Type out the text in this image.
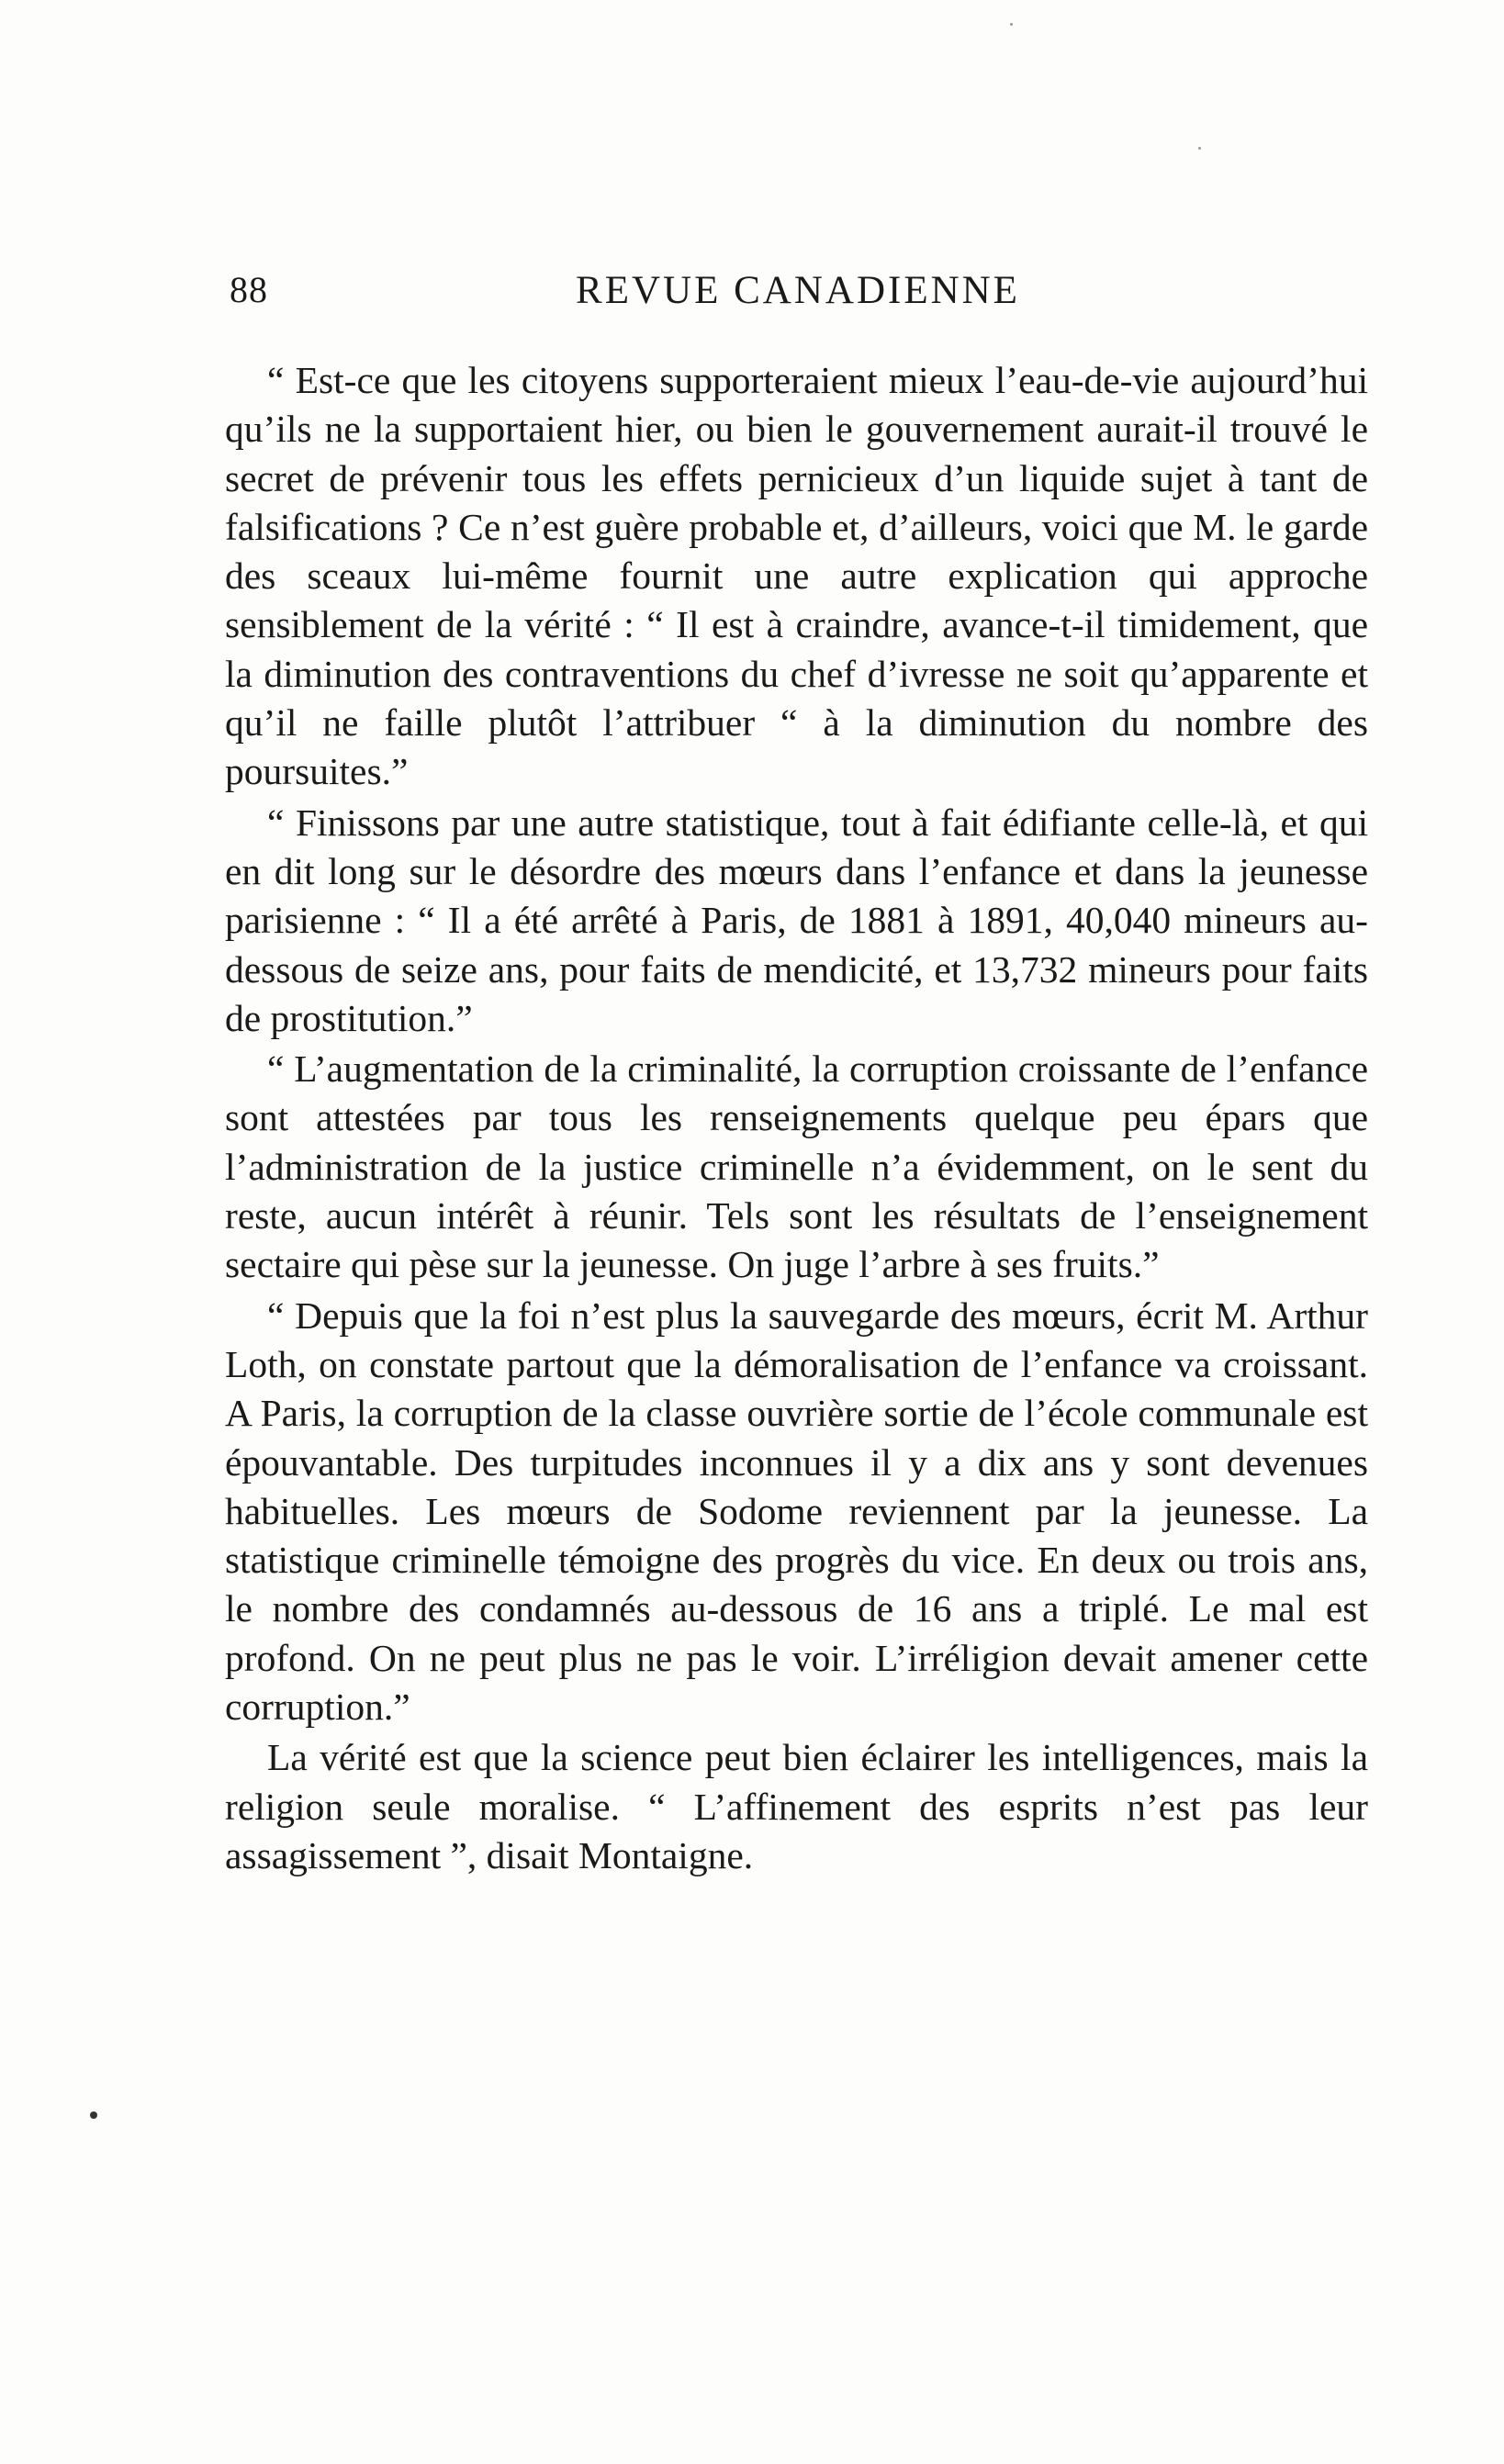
88	REVUE CANADIENNE

“ Est-ce que les citoyens supporteraient mieux l’eau-de-vie aujourd’hui qu’ils ne la supportaient hier, ou bien le gouvernement aurait-il trouvé le secret de prévenir tous les effets pernicieux d’un liquide sujet à tant de falsifications ? Ce n’est guère probable et, d’ailleurs, voici que M. le garde des sceaux lui-même fournit une autre explication qui approche sensiblement de la vérité : “ Il est à craindre, avance-t-il timidement, que la diminution des contraventions du chef d’ivresse ne soit qu’apparente et qu’il ne faille plutôt l’attribuer “ à la diminution du nombre des poursuites.”

“ Finissons par une autre statistique, tout à fait édifiante celle-là, et qui en dit long sur le désordre des mœurs dans l’enfance et dans la jeunesse parisienne : “ Il a été arrêté à Paris, de 1881 à 1891, 40,040 mineurs au-dessous de seize ans, pour faits de mendicité, et 13,732 mineurs pour faits de prostitution.”

“ L’augmentation de la criminalité, la corruption croissante de l’enfance sont attestées par tous les renseignements quelque peu épars que l’administration de la justice criminelle n’a évidemment, on le sent du reste, aucun intérêt à réunir. Tels sont les résultats de l’enseignement sectaire qui pèse sur la jeunesse. On juge l’arbre à ses fruits.”

“ Depuis que la foi n’est plus la sauvegarde des mœurs, écrit M. Arthur Loth, on constate partout que la démoralisation de l’enfance va croissant. A Paris, la corruption de la classe ouvrière sortie de l’école communale est épouvantable. Des turpitudes inconnues il y a dix ans y sont devenues habituelles. Les mœurs de Sodome reviennent par la jeunesse. La statistique criminelle témoigne des progrès du vice. En deux ou trois ans, le nombre des condamnés au-dessous de 16 ans a triplé. Le mal est profond. On ne peut plus ne pas le voir. L’irréligion devait amener cette corruption.”

La vérité est que la science peut bien éclairer les intelligences, mais la religion seule moralise. “ L’affinement des esprits n’est pas leur assagissement ”, disait Montaigne.
